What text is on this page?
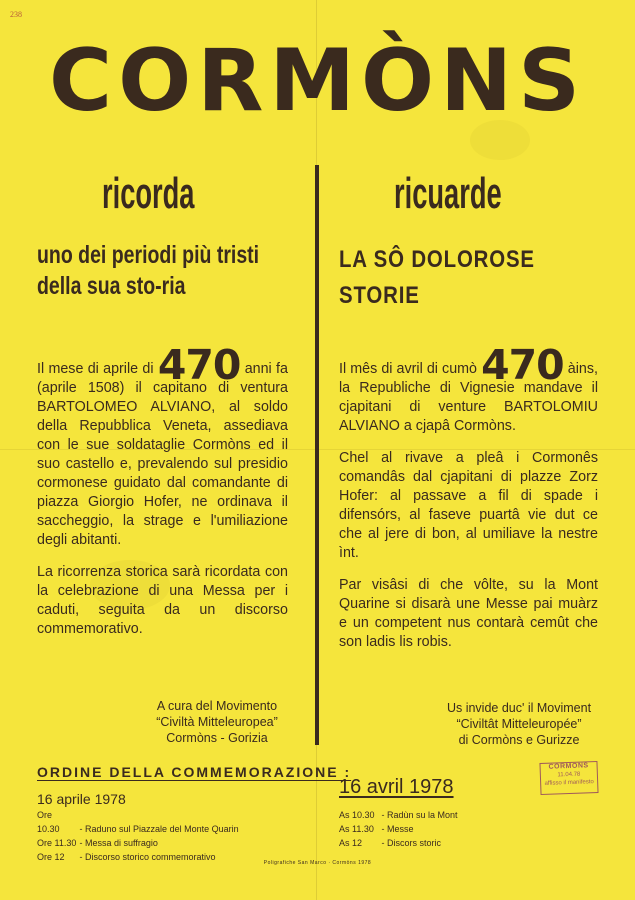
238
CORMÒNS
ricorda
uno dei periodi più tristi della sua sto-ria

Il mese di aprile di 470 anni fa (aprile 1508) il capitano di ventura BARTOLOMEO ALVIANO, al soldo della Repubblica Veneta, assediava con le sue soldataglie Cormòns ed il suo castello e, prevalendo sul presidio cormonese guidato dal comandante di piazza Giorgio Hofer, ne ordinava il saccheggio, la strage e l'umiliazione degli abitanti.

La ricorrenza storica sarà ricordata con la celebrazione di una Messa per i caduti, seguita da un discorso commemorativo.

A cura del Movimento
“Civiltà Mitteleuropea”
Cormòns - Gorizia
ORDINE DELLA COMMEMORAZIONE :
16 aprile 1978
Ore 10.30 - Raduno sul Piazzale del Monte Quarin
Ore 11.30 - Messa di suffragio
Ore 12 - Discorso storico commemorativo
ricuarde
LA SÔ DOLOROSE
STORIE

Il mês di avril di cumò 470 àins, la Republiche di Vignesie mandave il cjapitani di venture BARTOLOMIU ALVIANO a cjapâ Cormòns.

Chel al rivave a pleâ i Cormonês comandâs dal cjapitani di plazze Zorz Hofer: al passave a fil di spade i difensórs, al faseve puartâ vie dut ce che al jere di bon, al umiliave la nestre ìnt.

Par visâsi di che vôlte, su la Mont Quarine si disarà une Messe pai muàrz e un competent nus contarà cemût che son ladis lis robis.

Us invide duc' il Moviment
“Civiltât Mitteleuropée”
di Cormòns e Gurizze
16 avril 1978
As 10.30 - Radùn su la Mont
As 11.30 - Messe
As 12 - Discors storic
CORMONS
11.04.78
affisso il manifesto
Poligrafiche San Marco · Cormòns 1978
